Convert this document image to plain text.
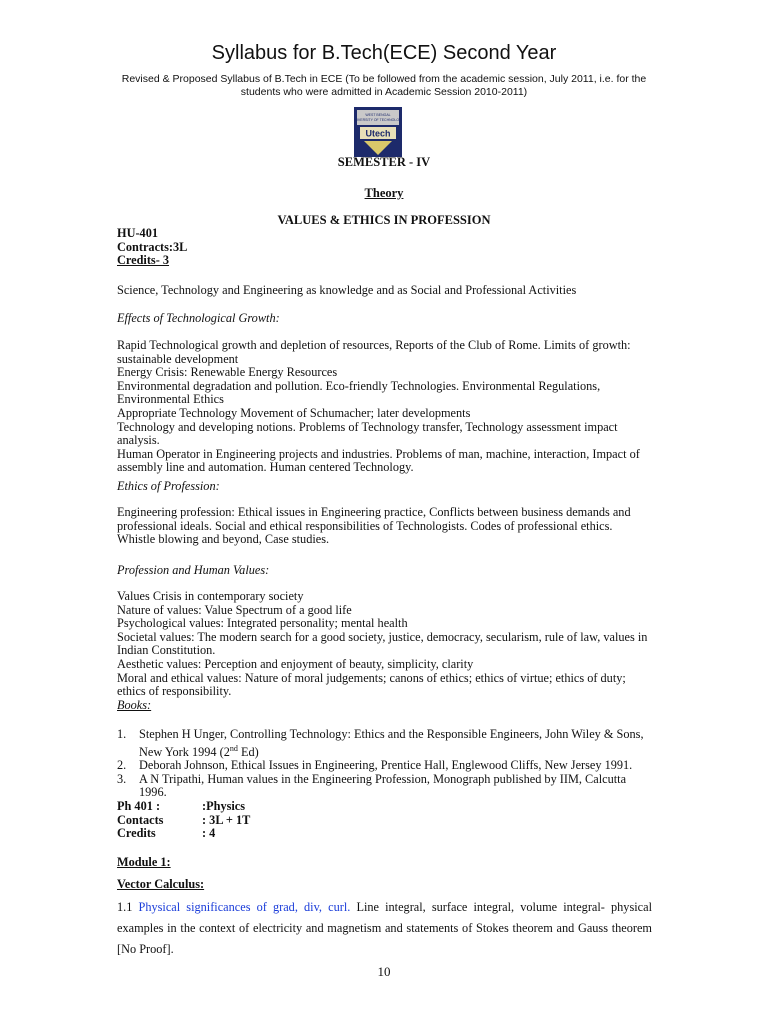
Syllabus for B.Tech(ECE) Second Year
Revised & Proposed Syllabus of B.Tech in ECE (To be followed from the academic session, July 2011, i.e. for the students who were admitted in Academic Session 2010-2011)
WEST BENGAL
UNIVERSITY OF TECHNOLOGY
Utech
SEMESTER - IV
Theory
VALUES & ETHICS IN PROFESSION

HU-401

Contracts:3L

Credits- 3

Science, Technology and Engineering as knowledge and as Social and Professional Activities
Effects of Technological Growth:

Rapid Technological growth and depletion of resources, Reports of the Club of Rome. Limits of growth: sustainable development

Energy Crisis: Renewable Energy Resources

Environmental degradation and pollution. Eco-friendly Technologies. Environmental Regulations, Environmental Ethics

Appropriate Technology Movement of Schumacher; later developments

Technology and developing notions. Problems of Technology transfer, Technology assessment impact analysis.

Human Operator in Engineering projects and industries. Problems of man, machine, interaction, Impact of assembly line and automation. Human centered Technology.

Ethics of Profession:

Engineering profession: Ethical issues in Engineering practice, Conflicts between business demands and professional ideals. Social and ethical responsibilities of Technologists. Codes of professional ethics. Whistle blowing and beyond, Case studies.

Profession and Human Values:

Values Crisis in contemporary society

Nature of values: Value Spectrum of a good life

Psychological values: Integrated personality; mental health

Societal values: The modern search for a good society, justice, democracy, secularism, rule of law, values in Indian Constitution.

Aesthetic values: Perception and enjoyment of beauty, simplicity, clarity

Moral and ethical values: Nature of moral judgements; canons of ethics; ethics of virtue; ethics of duty; ethics of responsibility.

Books:

1. Stephen H Unger, Controlling Technology: Ethics and the Responsible Engineers, John Wiley & Sons, New York 1994 (2nd Ed)
2. Deborah Johnson, Ethical Issues in Engineering, Prentice Hall, Englewood Cliffs, New Jersey 1991.
3. A N Tripathi, Human values in the Engineering Profession, Monograph published by IIM, Calcutta 1996.
Ph 401 :	:Physics
Contacts	: 3L + 1T
Credits	: 4
Module 1:
Vector Calculus:
1.1 Physical significances of grad, div, curl. Line integral, surface integral, volume integral- physical examples in the context of electricity and magnetism and statements of Stokes theorem and Gauss theorem [No Proof].
10
